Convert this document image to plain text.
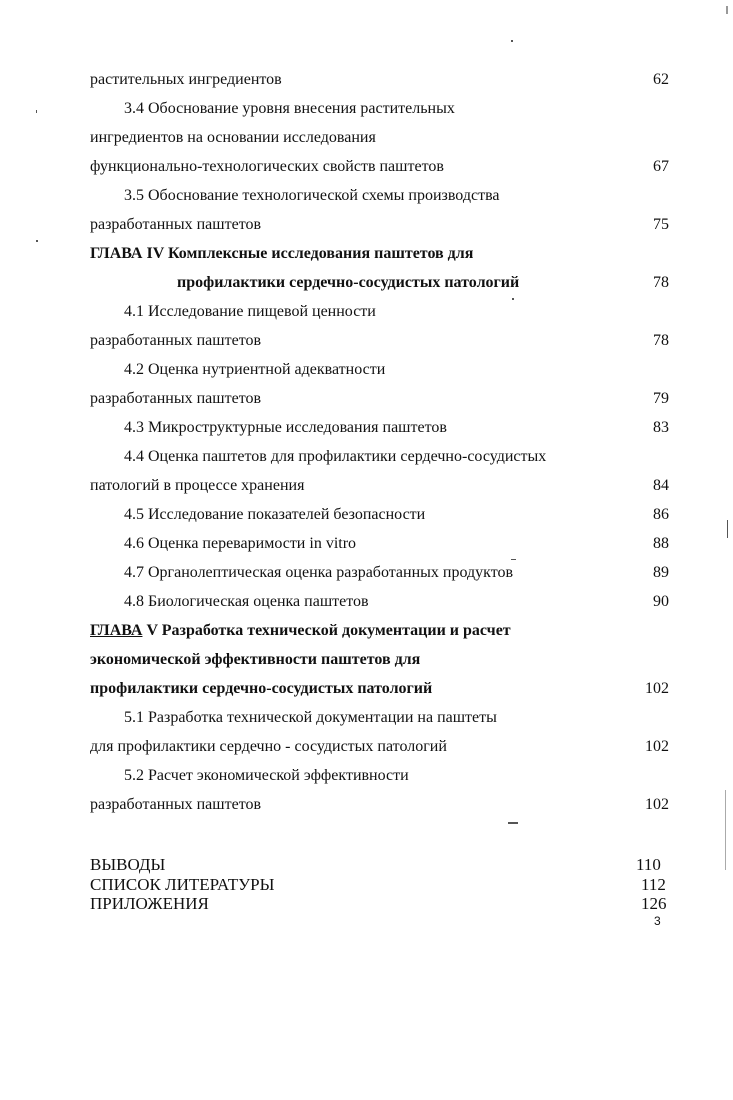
растительных ингредиентов	62
3.4 Обоснование уровня внесения растительных
ингредиентов на основании исследования
функционально-технологических свойств паштетов	67
3.5 Обоснование технологической схемы производства
разработанных паштетов	75
ГЛАВА IV Комплексные исследования паштетов для
профилактики сердечно-сосудистых патологий	78
4.1 Исследование пищевой ценности
разработанных паштетов	78
4.2 Оценка нутриентной адекватности
разработанных паштетов	79
4.3 Микроструктурные исследования паштетов	83
4.4 Оценка паштетов для профилактики сердечно-сосудистых
патологий в процессе хранения	84
4.5 Исследование показателей безопасности	86
4.6 Оценка переваримости in vitro	88
4.7 Органолептическая оценка разработанных продуктов	89
4.8 Биологическая оценка паштетов	90
ГЛАВА V Разработка технической документации и расчет
экономической эффективности паштетов для
профилактики сердечно-сосудистых патологий	102
5.1 Разработка технической документации на паштеты
для профилактики сердечно - сосудистых патологий	102
5.2 Расчет экономической эффективности
разработанных паштетов	102
ВЫВОДЫ	110
СПИСОК ЛИТЕРАТУРЫ	112
ПРИЛОЖЕНИЯ	126
3
